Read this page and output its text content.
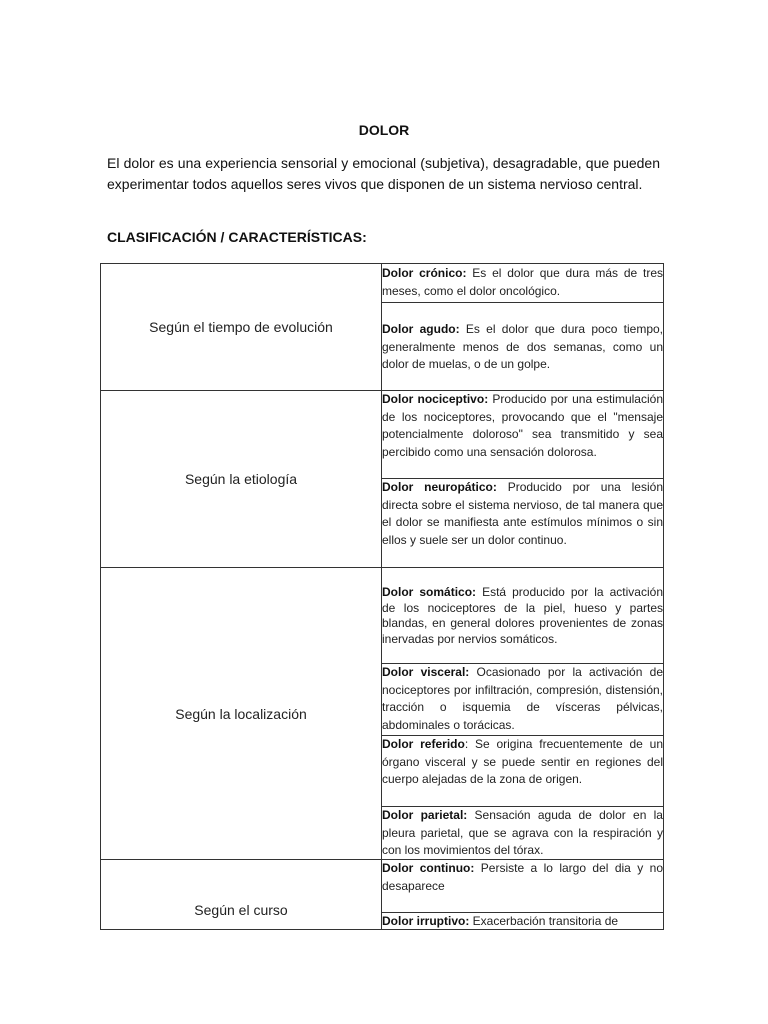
DOLOR
El dolor es una experiencia sensorial y emocional (subjetiva), desagradable, que pueden experimentar todos aquellos seres vivos que disponen de un sistema nervioso central.
CLASIFICACIÓN / CARACTERÍSTICAS:
Según el tiempo de evolución	Dolor crónico: Es el dolor que dura más de tres meses, como el dolor oncológico.

	Dolor agudo: Es el dolor que dura poco tiempo, generalmente menos de dos semanas, como un dolor de muelas, o de un golpe.

Según la etiología	Dolor nociceptivo: Producido por una estimulación de los nociceptores, provocando que el "mensaje potencialmente doloroso" sea transmitido y sea percibido como una sensación dolorosa.

	Dolor neuropático: Producido por una lesión directa sobre el sistema nervioso, de tal manera que el dolor se manifiesta ante estímulos mínimos o sin ellos y suele ser un dolor continuo.

Según la localización	Dolor somático: Está producido por la activación de los nociceptores de la piel, hueso y partes blandas, en general dolores provenientes de zonas inervadas por nervios somáticos.

	Dolor visceral: Ocasionado por la activación de nociceptores por infiltración, compresión, distensión, tracción o isquemia de vísceras pélvicas, abdominales o torácicas.

	Dolor referido: Se origina frecuentemente de un órgano visceral y se puede sentir en regiones del cuerpo alejadas de la zona de origen.

	Dolor parietal: Sensación aguda de dolor en la pleura parietal, que se agrava con la respiración y con los movimientos del tórax.

Según el curso	Dolor continuo: Persiste a lo largo del dia y no desaparece

	Dolor irruptivo: Exacerbación transitoria de
